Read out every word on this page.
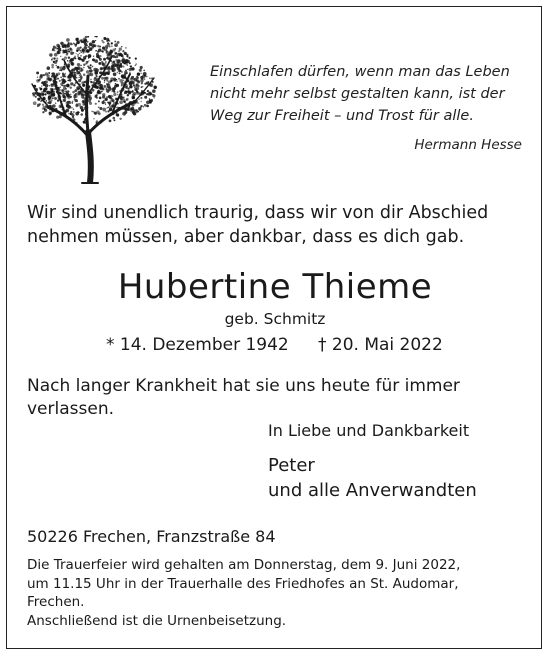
Einschlafen dürfen, wenn man das Leben
nicht mehr selbst gestalten kann, ist der
Weg zur Freiheit – und Trost für alle.
Hermann Hesse
Wir sind unendlich traurig, dass wir von dir Abschied
nehmen müssen, aber dankbar, dass es dich gab.
Hubertine Thieme
geb. Schmitz
* 14. Dezember 1942 † 20. Mai 2022
Nach langer Krankheit hat sie uns heute für immer
verlassen.
In Liebe und Dankbarkeit
Peter
und alle Anverwandten
50226 Frechen, Franzstraße 84
Die Trauerfeier wird gehalten am Donnerstag, dem 9. Juni 2022,
um 11.15 Uhr in der Trauerhalle des Friedhofes an St. Audomar,
Frechen.
Anschließend ist die Urnenbeisetzung.
